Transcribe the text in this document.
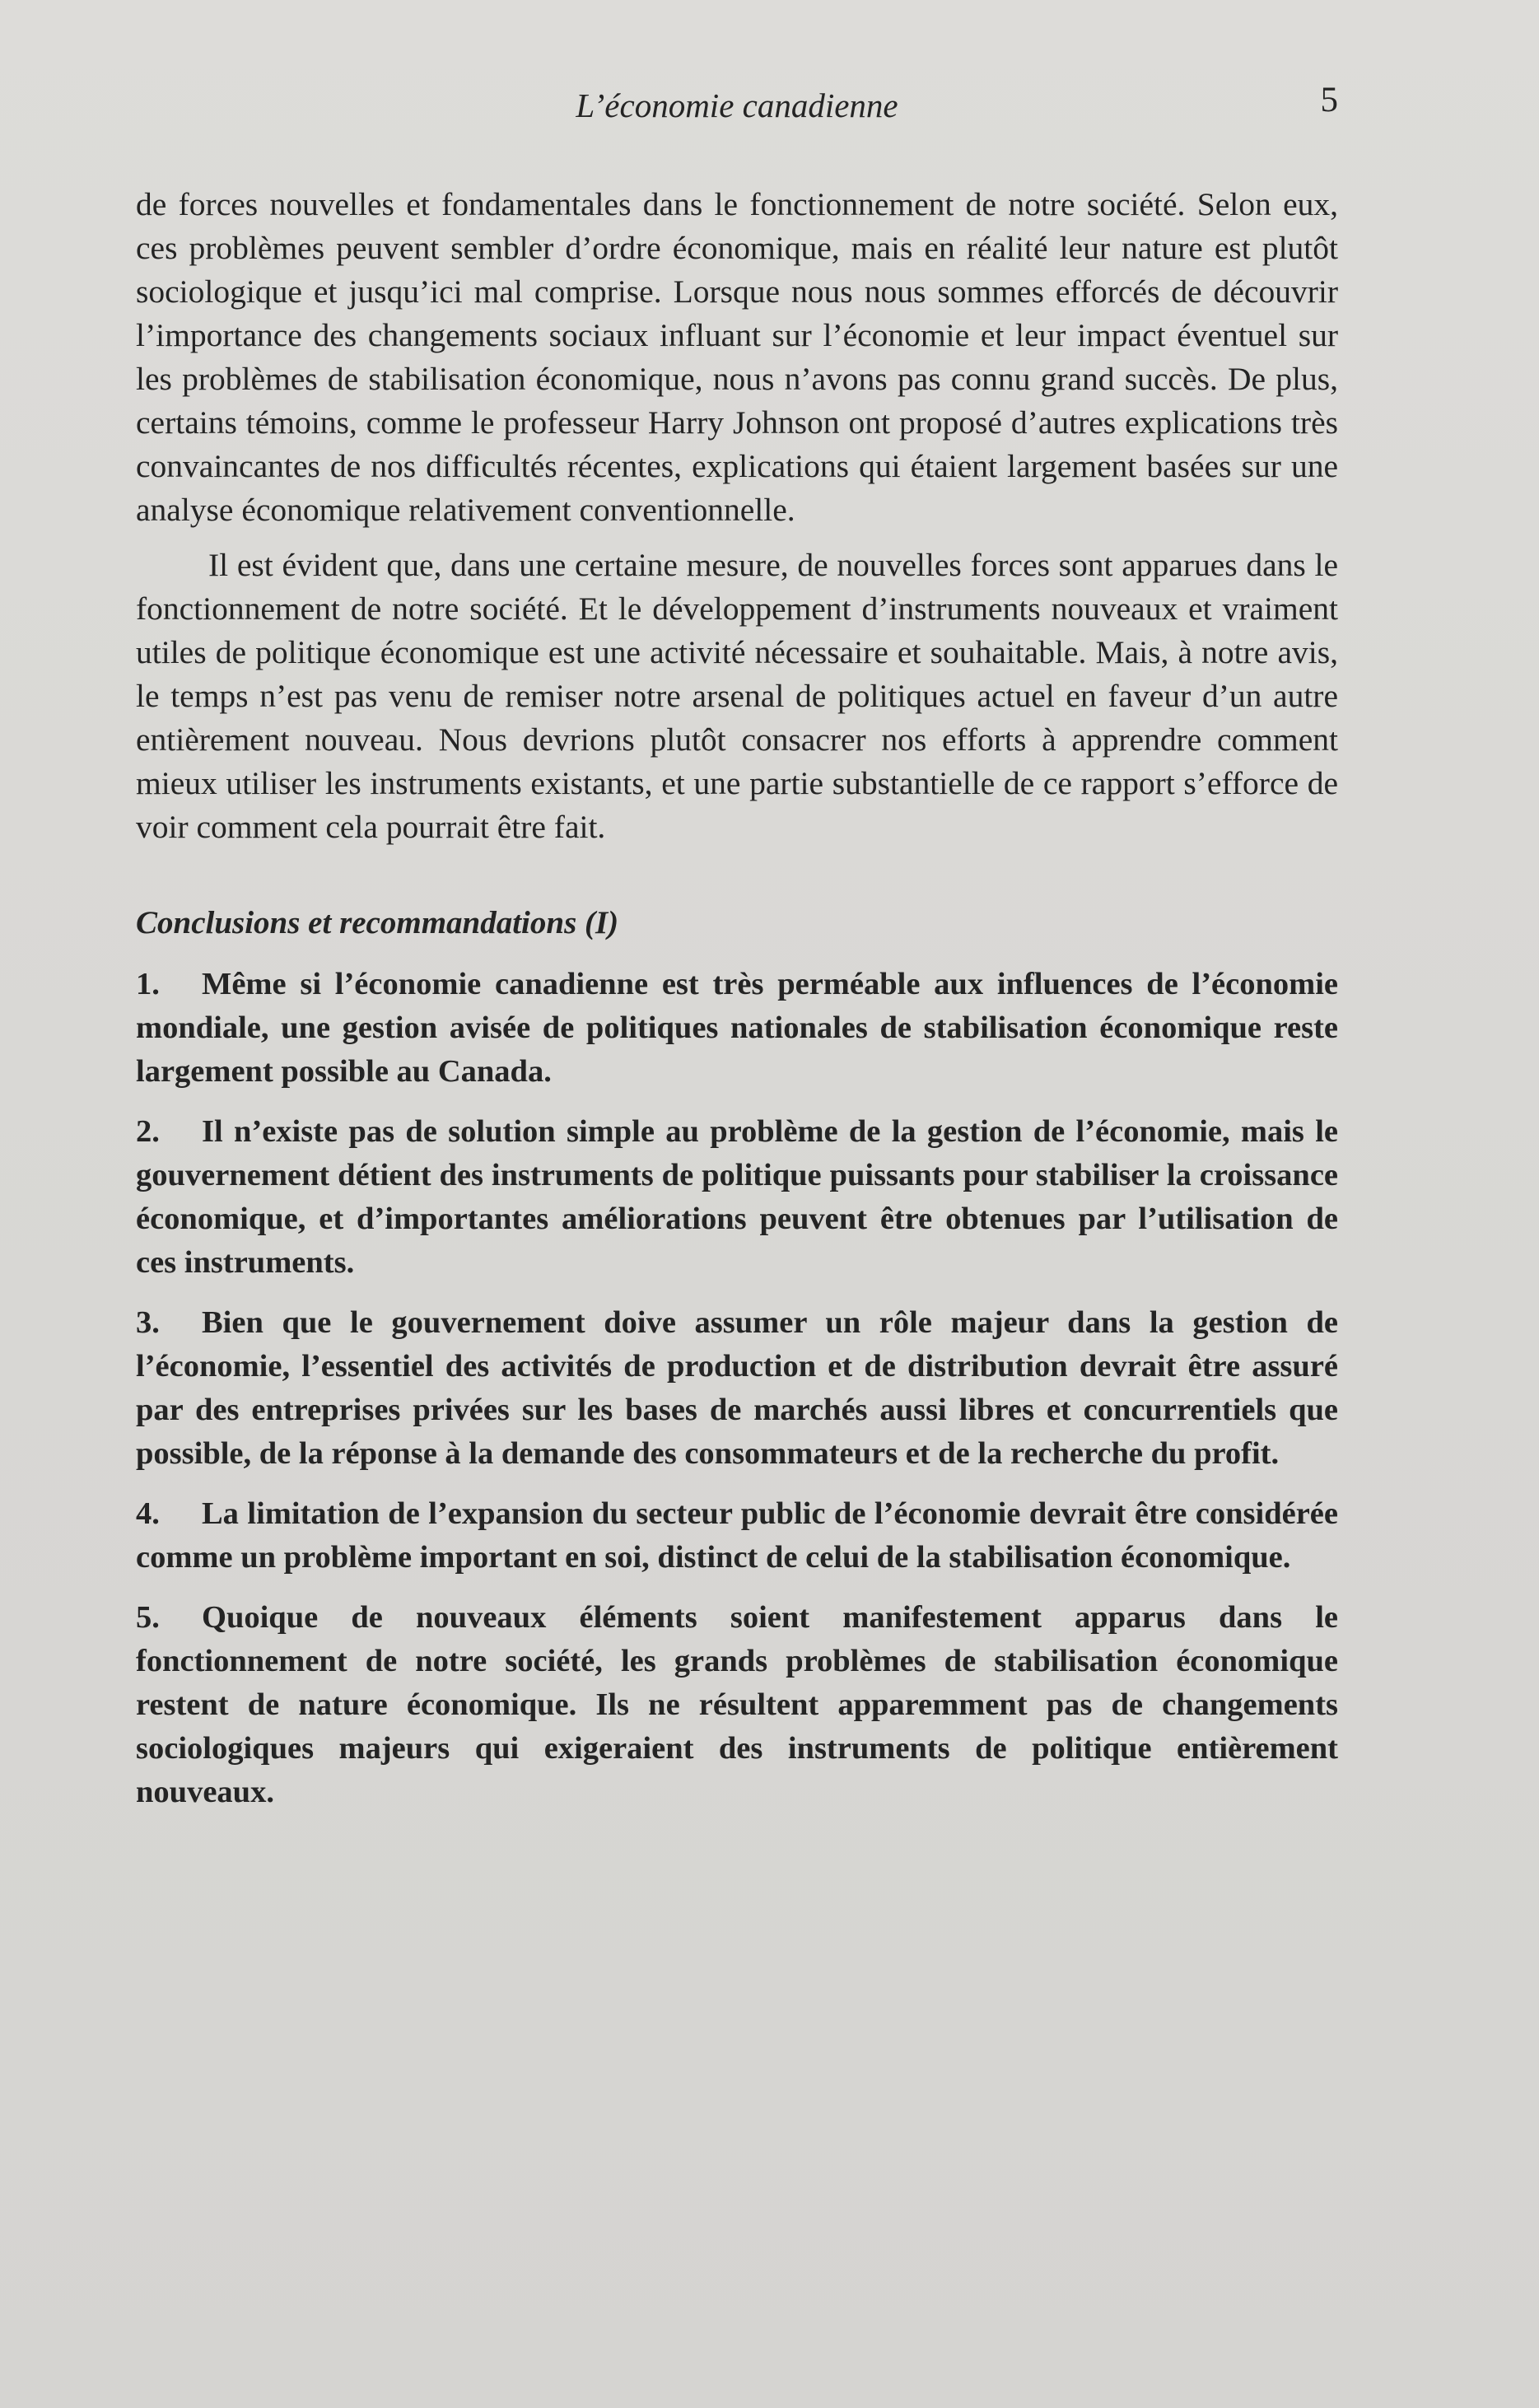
L’économie canadienne	5

de forces nouvelles et fondamentales dans le fonctionnement de notre société. Selon eux, ces problèmes peuvent sembler d’ordre économique, mais en réalité leur nature est plutôt sociologique et jusqu’ici mal comprise. Lorsque nous nous sommes efforcés de découvrir l’importance des changements sociaux influant sur l’économie et leur impact éventuel sur les problèmes de stabilisation économique, nous n’avons pas connu grand succès. De plus, certains témoins, comme le professeur Harry Johnson ont proposé d’autres explications très convaincantes de nos difficultés récentes, explications qui étaient largement basées sur une analyse économique relativement conventionnelle.

Il est évident que, dans une certaine mesure, de nouvelles forces sont apparues dans le fonctionnement de notre société. Et le développement d’instruments nouveaux et vraiment utiles de politique économique est une activité nécessaire et souhaitable. Mais, à notre avis, le temps n’est pas venu de remiser notre arsenal de politiques actuel en faveur d’un autre entièrement nouveau. Nous devrions plutôt consacrer nos efforts à apprendre comment mieux utiliser les instruments existants, et une partie substantielle de ce rapport s’efforce de voir comment cela pourrait être fait.

Conclusions et recommandations (I)

1. Même si l’économie canadienne est très perméable aux influences de l’économie mondiale, une gestion avisée de politiques nationales de stabilisation économique reste largement possible au Canada.

2. Il n’existe pas de solution simple au problème de la gestion de l’économie, mais le gouvernement détient des instruments de politique puissants pour stabiliser la croissance économique, et d’importantes améliorations peuvent être obtenues par l’utilisation de ces instruments.

3. Bien que le gouvernement doive assumer un rôle majeur dans la gestion de l’économie, l’essentiel des activités de production et de distribution devrait être assuré par des entreprises privées sur les bases de marchés aussi libres et concurrentiels que possible, de la réponse à la demande des consommateurs et de la recherche du profit.

4. La limitation de l’expansion du secteur public de l’économie devrait être considérée comme un problème important en soi, distinct de celui de la stabilisation économique.

5. Quoique de nouveaux éléments soient manifestement apparus dans le fonctionnement de notre société, les grands problèmes de stabilisation économique restent de nature économique. Ils ne résultent apparemment pas de changements sociologiques majeurs qui exigeraient des instruments de politique entièrement nouveaux.
